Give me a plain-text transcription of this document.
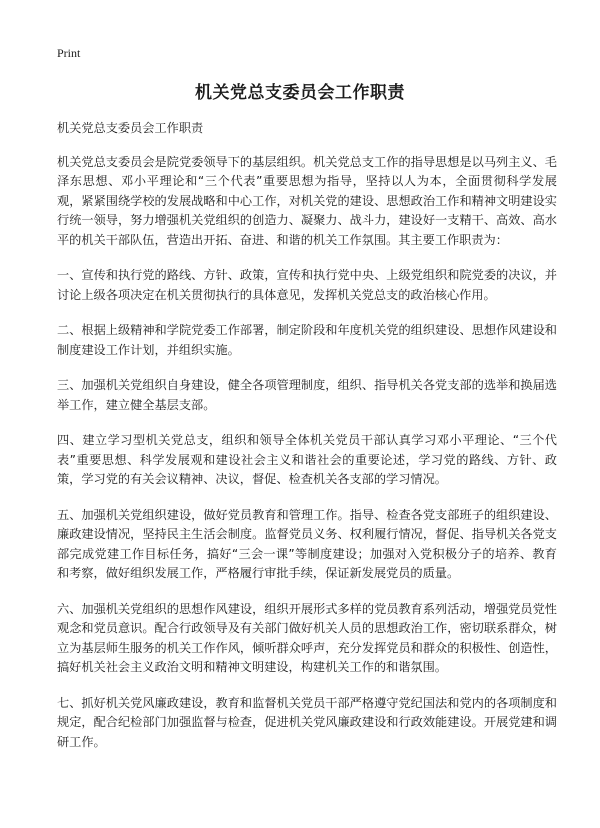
Print
机关党总支委员会工作职责

机关党总支委员会工作职责

机关党总支委员会是院党委领导下的基层组织。机关党总支工作的指导思想是以马列主义、毛泽东思想、邓小平理论和“三个代表”重要思想为指导，坚持以人为本，全面贯彻科学发展观，紧紧围绕学校的发展战略和中心工作，对机关党的建设、思想政治工作和精神文明建设实行统一领导，努力增强机关党组织的创造力、凝聚力、战斗力，建设好一支精干、高效、高水平的机关干部队伍，营造出开拓、奋进、和谐的机关工作氛围。其主要工作职责为：

一、宣传和执行党的路线、方针、政策，宣传和执行党中央、上级党组织和院党委的决议，并讨论上级各项决定在机关贯彻执行的具体意见，发挥机关党总支的政治核心作用。

二、根据上级精神和学院党委工作部署，制定阶段和年度机关党的组织建设、思想作风建设和制度建设工作计划，并组织实施。

三、加强机关党组织自身建设，健全各项管理制度，组织、指导机关各党支部的选举和换届选举工作，建立健全基层支部。

四、建立学习型机关党总支，组织和领导全体机关党员干部认真学习邓小平理论、“三个代表”重要思想、科学发展观和建设社会主义和谐社会的重要论述，学习党的路线、方针、政策，学习党的有关会议精神、决议，督促、检查机关各支部的学习情况。

五、加强机关党组织建设，做好党员教育和管理工作。指导、检查各党支部班子的组织建设、廉政建设情况，坚持民主生活会制度。监督党员义务、权利履行情况，督促、指导机关各党支部完成党建工作目标任务，搞好“三会一课”等制度建设；加强对入党积极分子的培养、教育和考察，做好组织发展工作，严格履行审批手续，保证新发展党员的质量。

六、加强机关党组织的思想作风建设，组织开展形式多样的党员教育系列活动，增强党员党性观念和党员意识。配合行政领导及有关部门做好机关人员的思想政治工作，密切联系群众，树立为基层师生服务的机关工作作风，倾听群众呼声，充分发挥党员和群众的积极性、创造性，搞好机关社会主义政治文明和精神文明建设，构建机关工作的和谐氛围。

七、抓好机关党风廉政建设，教育和监督机关党员干部严格遵守党纪国法和党内的各项制度和规定，配合纪检部门加强监督与检查，促进机关党风廉政建设和行政效能建设。开展党建和调研工作。
